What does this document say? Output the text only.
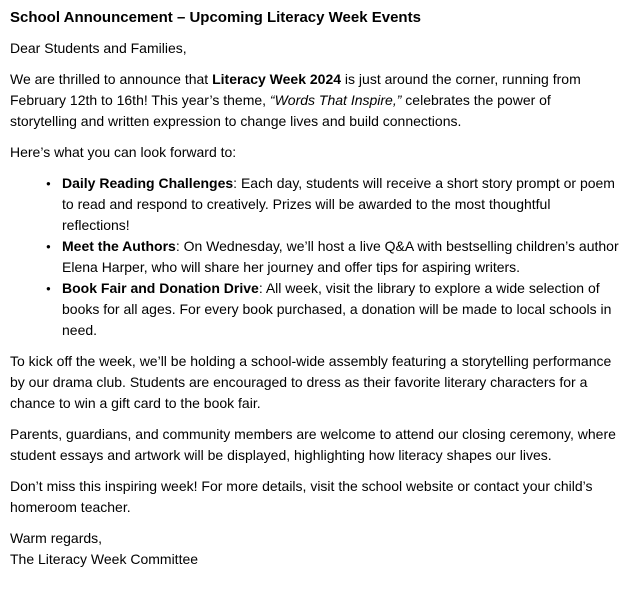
School Announcement – Upcoming Literacy Week Events

Dear Students and Families,

We are thrilled to announce that Literacy Week 2024 is just around the corner, running from February 12th to 16th! This year’s theme, “Words That Inspire,” celebrates the power of storytelling and written expression to change lives and build connections.

Here’s what you can look forward to:

● Daily Reading Challenges: Each day, students will receive a short story prompt or poem to read and respond to creatively. Prizes will be awarded to the most thoughtful reflections!
● Meet the Authors: On Wednesday, we’ll host a live Q&A with bestselling children’s author Elena Harper, who will share her journey and offer tips for aspiring writers.
● Book Fair and Donation Drive: All week, visit the library to explore a wide selection of books for all ages. For every book purchased, a donation will be made to local schools in need.

To kick off the week, we’ll be holding a school-wide assembly featuring a storytelling performance by our drama club. Students are encouraged to dress as their favorite literary characters for a chance to win a gift card to the book fair.

Parents, guardians, and community members are welcome to attend our closing ceremony, where student essays and artwork will be displayed, highlighting how literacy shapes our lives.

Don’t miss this inspiring week! For more details, visit the school website or contact your child’s homeroom teacher.

Warm regards,
The Literacy Week Committee
